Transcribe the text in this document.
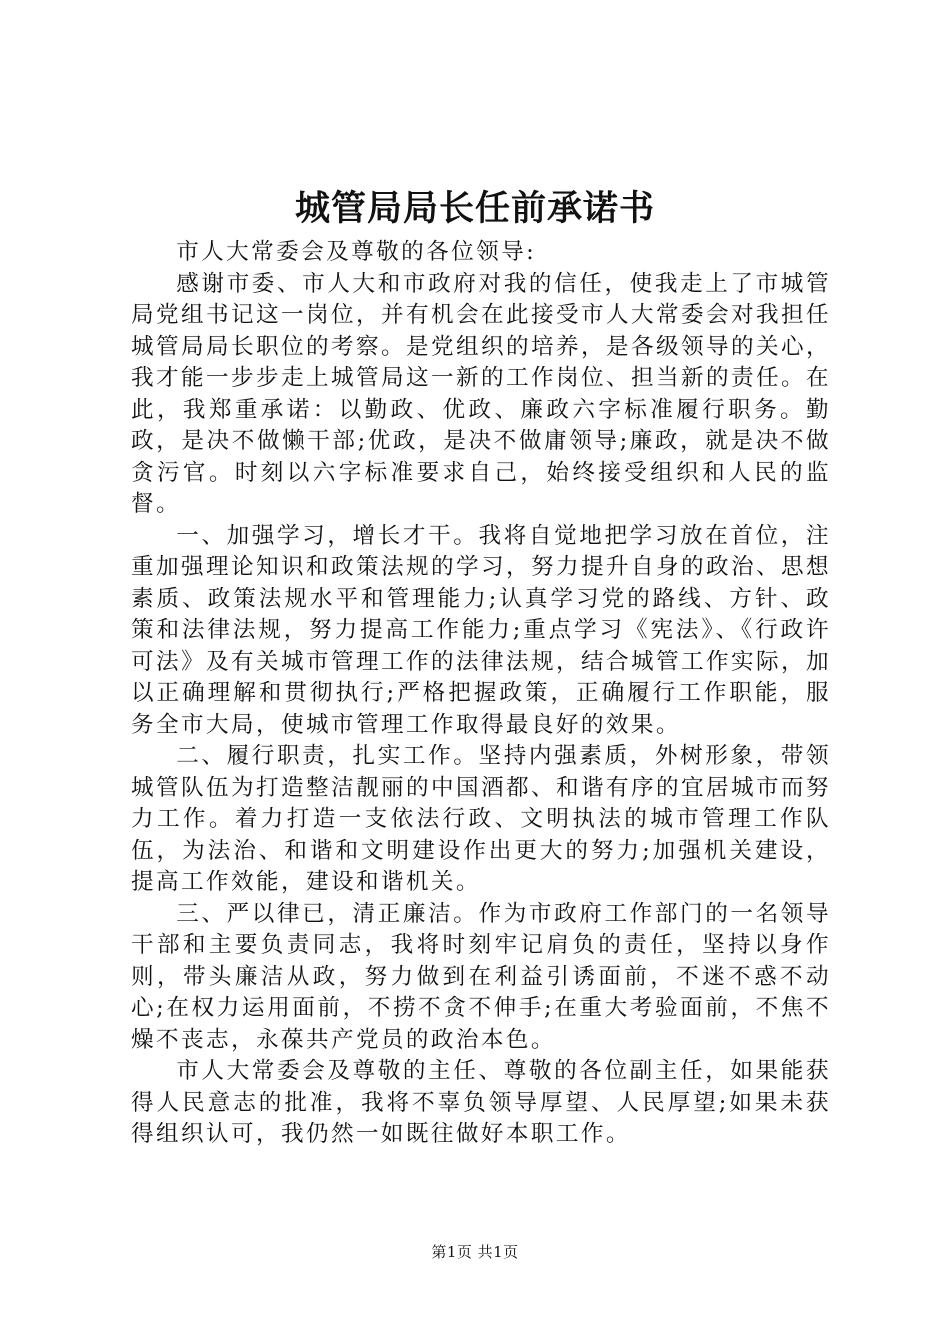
城管局局长任前承诺书

市人大常委会及尊敬的各位领导:

感谢市委、市人大和市政府对我的信任，使我走上了市城管局党组书记这一岗位，并有机会在此接受市人大常委会对我担任城管局局长职位的考察。是党组织的培养，是各级领导的关心，我才能一步步走上城管局这一新的工作岗位、担当新的责任。在此，我郑重承诺：以勤政、优政、廉政六字标准履行职务。勤政，是决不做懒干部;优政，是决不做庸领导;廉政，就是决不做贪污官。时刻以六字标准要求自己，始终接受组织和人民的监督。

一、加强学习，增长才干。我将自觉地把学习放在首位，注重加强理论知识和政策法规的学习，努力提升自身的政治、思想素质、政策法规水平和管理能力;认真学习党的路线、方针、政策和法律法规，努力提高工作能力;重点学习《宪法》、《行政许可法》及有关城市管理工作的法律法规，结合城管工作实际，加以正确理解和贯彻执行;严格把握政策，正确履行工作职能，服务全市大局，使城市管理工作取得最良好的效果。

二、履行职责，扎实工作。坚持内强素质，外树形象，带领城管队伍为打造整洁靓丽的中国酒都、和谐有序的宜居城市而努力工作。着力打造一支依法行政、文明执法的城市管理工作队伍，为法治、和谐和文明建设作出更大的努力;加强机关建设，提高工作效能，建设和谐机关。

三、严以律已，清正廉洁。作为市政府工作部门的一名领导干部和主要负责同志，我将时刻牢记肩负的责任，坚持以身作则，带头廉洁从政，努力做到在利益引诱面前，不迷不惑不动心;在权力运用面前，不捞不贪不伸手;在重大考验面前，不焦不燥不丧志，永葆共产党员的政治本色。

市人大常委会及尊敬的主任、尊敬的各位副主任，如果能获得人民意志的批准，我将不辜负领导厚望、人民厚望;如果未获得组织认可，我仍然一如既往做好本职工作。

第1页 共1页
